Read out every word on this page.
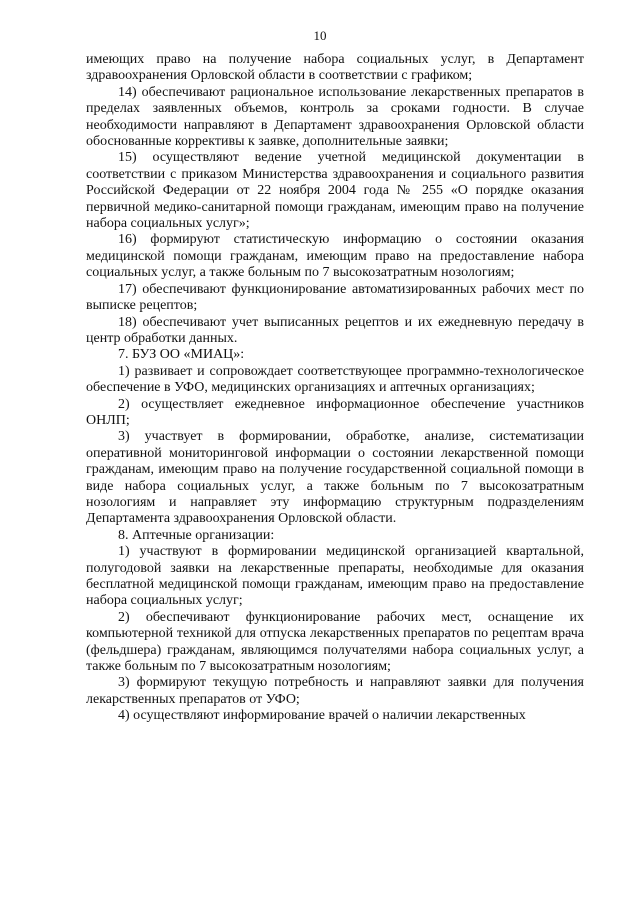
10

имеющих право на получение набора социальных услуг, в Департамент здравоохранения Орловской области в соответствии с графиком;

14) обеспечивают рациональное использование лекарственных препаратов в пределах заявленных объемов, контроль за сроками годности. В случае необходимости направляют в Департамент здравоохранения Орловской области обоснованные коррективы к заявке, дополнительные заявки;

15) осуществляют ведение учетной медицинской документации в соответствии с приказом Министерства здравоохранения и социального развития Российской Федерации от 22 ноября 2004 года № 255 «О порядке оказания первичной медико-санитарной помощи гражданам, имеющим право на получение набора социальных услуг»;

16) формируют статистическую информацию о состоянии оказания медицинской помощи гражданам, имеющим право на предоставление набора социальных услуг, а также больным по 7 высокозатратным нозологиям;

17) обеспечивают функционирование автоматизированных рабочих мест по выписке рецептов;

18) обеспечивают учет выписанных рецептов и их ежедневную передачу в центр обработки данных.

7. БУЗ ОО «МИАЦ»:

1) развивает и сопровождает соответствующее программно-технологическое обеспечение в УФО, медицинских организациях и аптечных организациях;

2) осуществляет ежедневное информационное обеспечение участников ОНЛП;

3) участвует в формировании, обработке, анализе, систематизации оперативной мониторинговой информации о состоянии лекарственной помощи гражданам, имеющим право на получение государственной социальной помощи в виде набора социальных услуг, а также больным по 7 высокозатратным нозологиям и направляет эту информацию структурным подразделениям Департамента здравоохранения Орловской области.

8. Аптечные организации:

1) участвуют в формировании медицинской организацией квартальной, полугодовой заявки на лекарственные препараты, необходимые для оказания бесплатной медицинской помощи гражданам, имеющим право на предоставление набора социальных услуг;

2) обеспечивают функционирование рабочих мест, оснащение их компьютерной техникой для отпуска лекарственных препаратов по рецептам врача (фельдшера) гражданам, являющимся получателями набора социальных услуг, а также больным по 7 высокозатратным нозологиям;

3) формируют текущую потребность и направляют заявки для получения лекарственных препаратов от УФО;

4) осуществляют информирование врачей о наличии лекарственных
